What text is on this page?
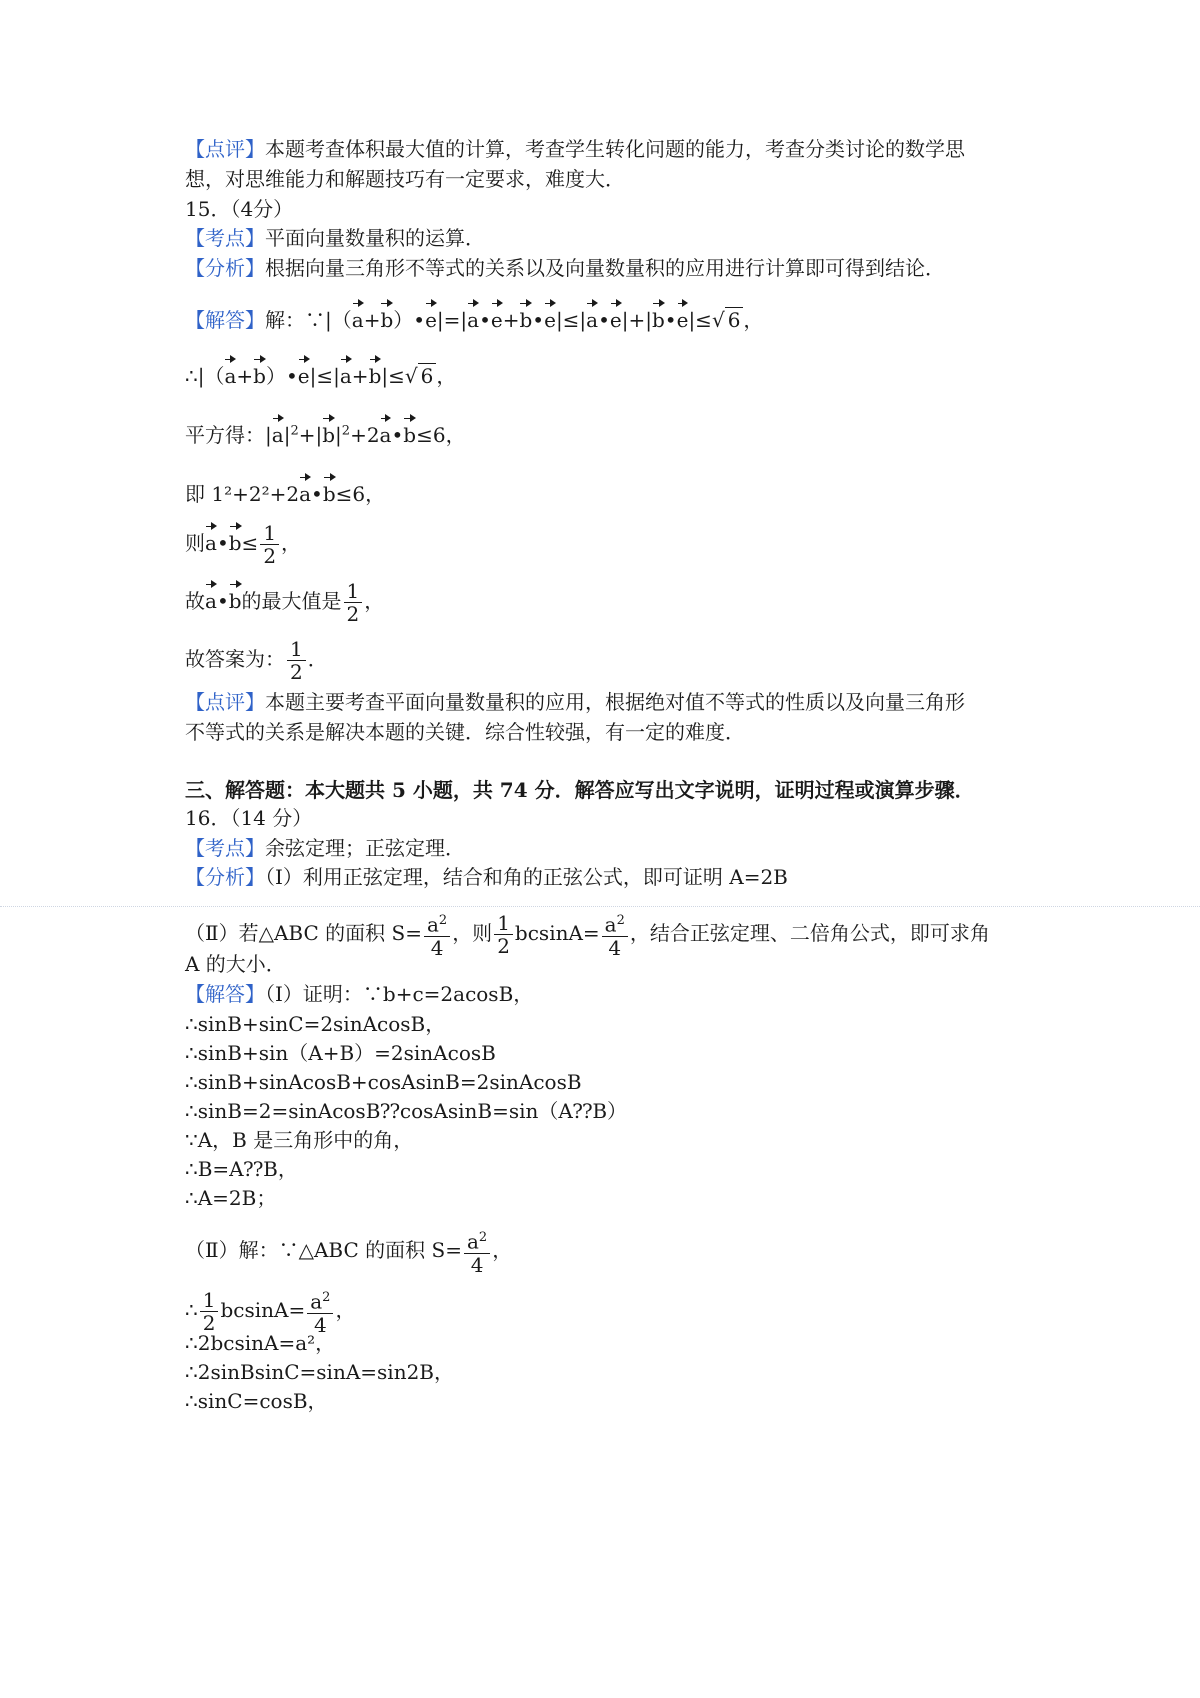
【点评】本题考查体积最大值的计算，考查学生转化问题的能力，考查分类讨论的数学思
想，对思维能力和解题技巧有一定要求，难度大．
15．（4分）
【考点】平面向量数量积的运算．
【分析】根据向量三角形不等式的关系以及向量数量积的应用进行计算即可得到结论．
【解答】解：∵|（a+b）•e|=|a•e+b•e|≤|a•e|+|b•e|≤√ 6 ，
∴|（a+b）•e|≤|a+b|≤√ 6 ，
平方得：$|a|^2+|b|^2+2a•b\le 6$，
即 1²+2²+2a•b≤6，
则a•b≤ $\frac{1}{2}$ ，
故a•b的最大值是 $\frac{1}{2}$ ，
故答案为： $\frac{1}{2}$ ．
【点评】本题主要考查平面向量数量积的应用，根据绝对值不等式的性质以及向量三角形
不等式的关系是解决本题的关键．综合性较强，有一定的难度．
三、解答题：本大题共 5 小题，共 74 分．解答应写出文字说明，证明过程或演算步骤．
16．（14 分）
【考点】余弦定理；正弦定理．
【分析】（Ⅰ）利用正弦定理，结合和角的正弦公式，即可证明 A=2B
（Ⅱ）若△ABC 的面积 $S= \frac{a^2}{4}$ ，则 $\frac{1}{2} bcsinA= \frac{a^2}{4}$ ，结合正弦定理、二倍角公式，即可求角
A 的大小．
【解答】（Ⅰ）证明：∵b+c=2acosB，
∴sinB+sinC=2sinAcosB，
∴sinB+sin（A+B）=2sinAcosB
∴sinB+sinAcosB+cosAsinB=2sinAcosB
∴sinB=2=sinAcosB⁇cosAsinB=sin（A⁇B）
∵A，B 是三角形中的角，
∴B=A⁇B，
∴A=2B；
（Ⅱ）解：∵△ABC 的面积 $S= \frac{a^2}{4}$ ，
∴ $\frac{1}{2} bcsinA= \frac{a^2}{4}$ ，
∴2bcsinA=a²，
∴2sinBsinC=sinA=sin2B，
∴sinC=cosB，
